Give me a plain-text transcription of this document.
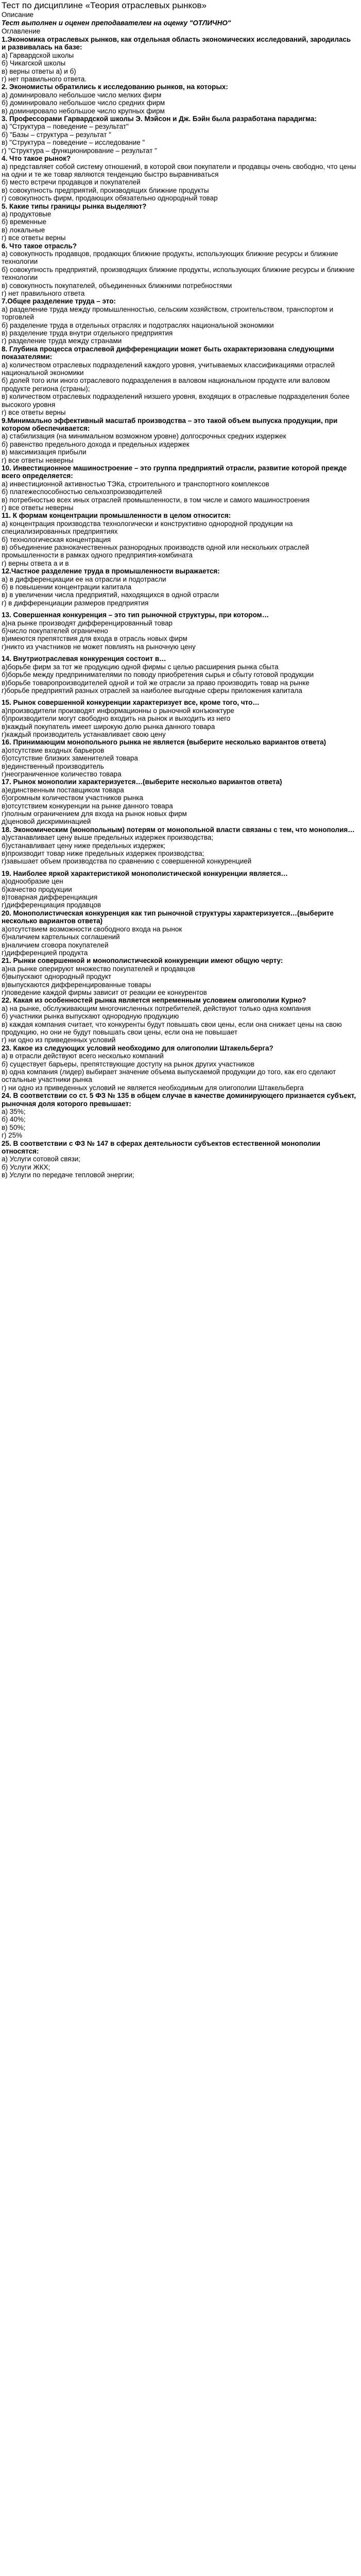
Тест по дисциплине «Теория отраслевых рынков»

Описание

Тест выполнен и оценен преподавателем на оценку "ОТЛИЧНО"

Оглавление

1.Экономика отраслевых рынков, как отдельная область экономических исследований, зародилась и развивалась на базе:

а) Гарвардской школы
б) Чикагской школы
в) верны ответы а) и б)
г) нет правильного ответа.

2. Экономисты обратились к исследованию рынков, на которых:

а) доминировало небольшое число мелких фирм
б) доминировало небольшое число средних фирм
в) доминировало небольшое число крупных фирм

3. Профессорами Гарвардской школы Э. Мэйсон и Дж. Бэйн была разработана парадигма:

а) "Структура – поведение – результат"
б) "Базы – структура – результат "
в) "Структура – поведение – исследование "
г) "Структура – функционирование – результат "

4. Что такое рынок?

а) представляет собой систему отношений, в которой свои покупатели и продавцы очень свободно, что цены на одни и те же товар являются тенденцию быстро выравниваться
б) место встречи продавцов и покупателей
в) совокупность предприятий, производящих ближние продукты
г) совокупность фирм, продающих обязательно однородный товар

5. Какие типы границы рынка выделяют?

а) продуктовые
б) временные
в) локальные
г) все ответы верны

6. Что такое отрасль?

а) совокупность продавцов, продающих ближние продукты, использующих ближние ресурсы и ближние технологии
б) совокупность предприятий, производящих ближние продукты, использующих ближние ресурсы и ближние технологии
в) совокупность покупателей, объединенных ближними потребностями
г) нет правильного ответа

7.Общее разделение труда – это:

а) разделение труда между промышленностью, сельским хозяйством, строительством, транспортом и торговлей
б) разделение труда в отдельных отраслях и подотраслях национальной экономики
в) разделение труда внутри отдельного предприятия
г) разделение труда между странами

8. Глубина процесса отраслевой дифференциации может быть охарактеризована следующими показателями:

а) количеством отраслевых подразделений каждого уровня, учитываемых классификациями отраслей национальной экономики
б) долей того или иного отраслевого подразделения в валовом национальном продукте или валовом продукте региона (страны);
в) количеством отраслевых подразделений низшего уровня, входящих в отраслевые подразделения более высокого уровня
г) все ответы верны

9.Минимально эффективный масштаб производства – это такой объем выпуска продукции, при котором обеспечивается:

а) стабилизация (на минимальном возможном уровне) долгосрочных средних издержек
б) равенство предельного дохода и предельных издержек
в) максимизация прибыли
г) все ответы неверны

10. Инвестиционное машиностроение – это группа предприятий отрасли, развитие которой прежде всего определяется:

а) инвестиционной активностью ТЭКа, строительного и транспортного комплексов
б) платежеспособностью сельхозпроизводителей
в) потребностью всех иных отраслей промышленности, в том числе и самого машиностроения
г) все ответы неверны

11. К формам концентрации промышленности в целом относится:

а) концентрация производства технологически и конструктивно однородной продукции на специализированных предприятиях
б) технологическая концентрация
в) объединение разнокачественных разнородных производств одной или нескольких отраслей промышленности в рамках одного предприятия-комбината
г) верны ответа а и в

12.Частное разделение труда в промышленности выражается:

а) в дифференциации ее на отрасли и подотрасли
б) в повышении концентрации капитала
в) в увеличении числа предприятий, находящихся в одной отрасли
г) в дифференциации размеров предприятия

13. Совершенная конкуренция – это тип рыночной структуры, при котором…

а)на рынке производят дифференцированный товар
б)число покупателей ограничено
в)имеются препятствия для входа в отрасль новых фирм
г)никто из участников не может повлиять на рыночную цену

14. Внутриотраслевая конкуренция состоит в…

а)борьбе фирм за тот же продукцию одной фирмы с целью расширения рынка сбыта
б)борьбе между предпринимателями по поводу приобретения сырья и сбыту готовой продукции
в)борьбе товаропроизводителей одной и той же отрасли за право производить товар на рынке
г)борьбе предприятий разных отраслей за наиболее выгодные сферы приложения капитала

15. Рынок совершенной конкуренции характеризует все, кроме того, что…

а)производители производят информационны о рыночной конъюнктуре
б)производители могут свободно входить на рынок и выходить из него
в)каждый покупатель имеет широкую долю рынка данного товара
г)каждый производитель устанавливает свою цену

16. Принимающим монопольного рынка не является (выберите несколько вариантов ответа)

а)отсутствие входных барьеров
б)отсутствие близких заменителей товара
в)единственный производитель
г)неограниченное количество товара

17. Рынок монополии характеризуется…(выберите несколько вариантов ответа)

а)единственным поставщиком товара
б)огромным количеством участников рынка
в)отсутствием конкуренции на рынке данного товара
г)полным ограничением для входа на рынок новых фирм
д)ценовой дискриминацией

18. Экономическим (монопольным) потерям от монопольной власти связаны с тем, что монополия…

а)устанавливает цену выше предельных издержек производства;
б)устанавливает цену ниже предельных издержек;
в)производит товар ниже предельных издержек производства;
г)завышает объем производства по сравнению с совершенной конкуренцией

19. Наиболее яркой характеристикой монополистической конкуренции является…

а)однообразие цен
б)качество продукции
в)товарная дифференциация
г)дифференциация продавцов

20. Монополистическая конкуренция как тип рыночной структуры характеризуется…(выберите несколько вариантов ответа)

а)отсутствием возможности свободного входа на рынок
б)наличием картельных соглашений
в)наличием сговора покупателей
г)дифференцией продукта

21. Рынки совершенной и монополистической конкуренции имеют общую черту:

а)на рынке оперируют множество покупателей и продавцов
б)выпускают однородный продукт
в)выпускаются дифференцированные товары
г)поведение каждой фирмы зависит от реакции ее конкурентов

22. Какая из особенностей рынка является непременным условием олигополии Курно?

а) на рынке, обслуживающим многочисленных потребителей, действуют только одна компания
б) участники рынка выпускают однородную продукцию
в) каждая компания считает, что конкуренты будут повышать свои цены, если она снижает цены на свою продукцию, но они не будут повышать свои цены, если она не повышает
г) ни одно из приведенных условий

23. Какое из следующих условий необходимо для олигополии Штакельберга?

а) в отрасли действуют всего несколько компаний
б) существует барьеры, препятствующие доступу на рынок других участников
в) одна компания (лидер) выбирает значение объема выпускаемой продукции до того, как его сделают остальные участники рынка
г) ни одно из приведенных условий не является необходимым для олигополии Штакельберга

24. В соответствии со ст. 5 ФЗ № 135 в общем случае в качестве доминирующего признается субъект, рыночная доля которого превышает:

а) 35%;
б) 40%;
в) 50%;
г) 25%

25. В соответствии с ФЗ № 147 в сферах деятельности субъектов естественной монополии относятся:

а) Услуги сотовой связи;
б) Услуги ЖКХ;
в) Услуги по передаче тепловой энергии;
